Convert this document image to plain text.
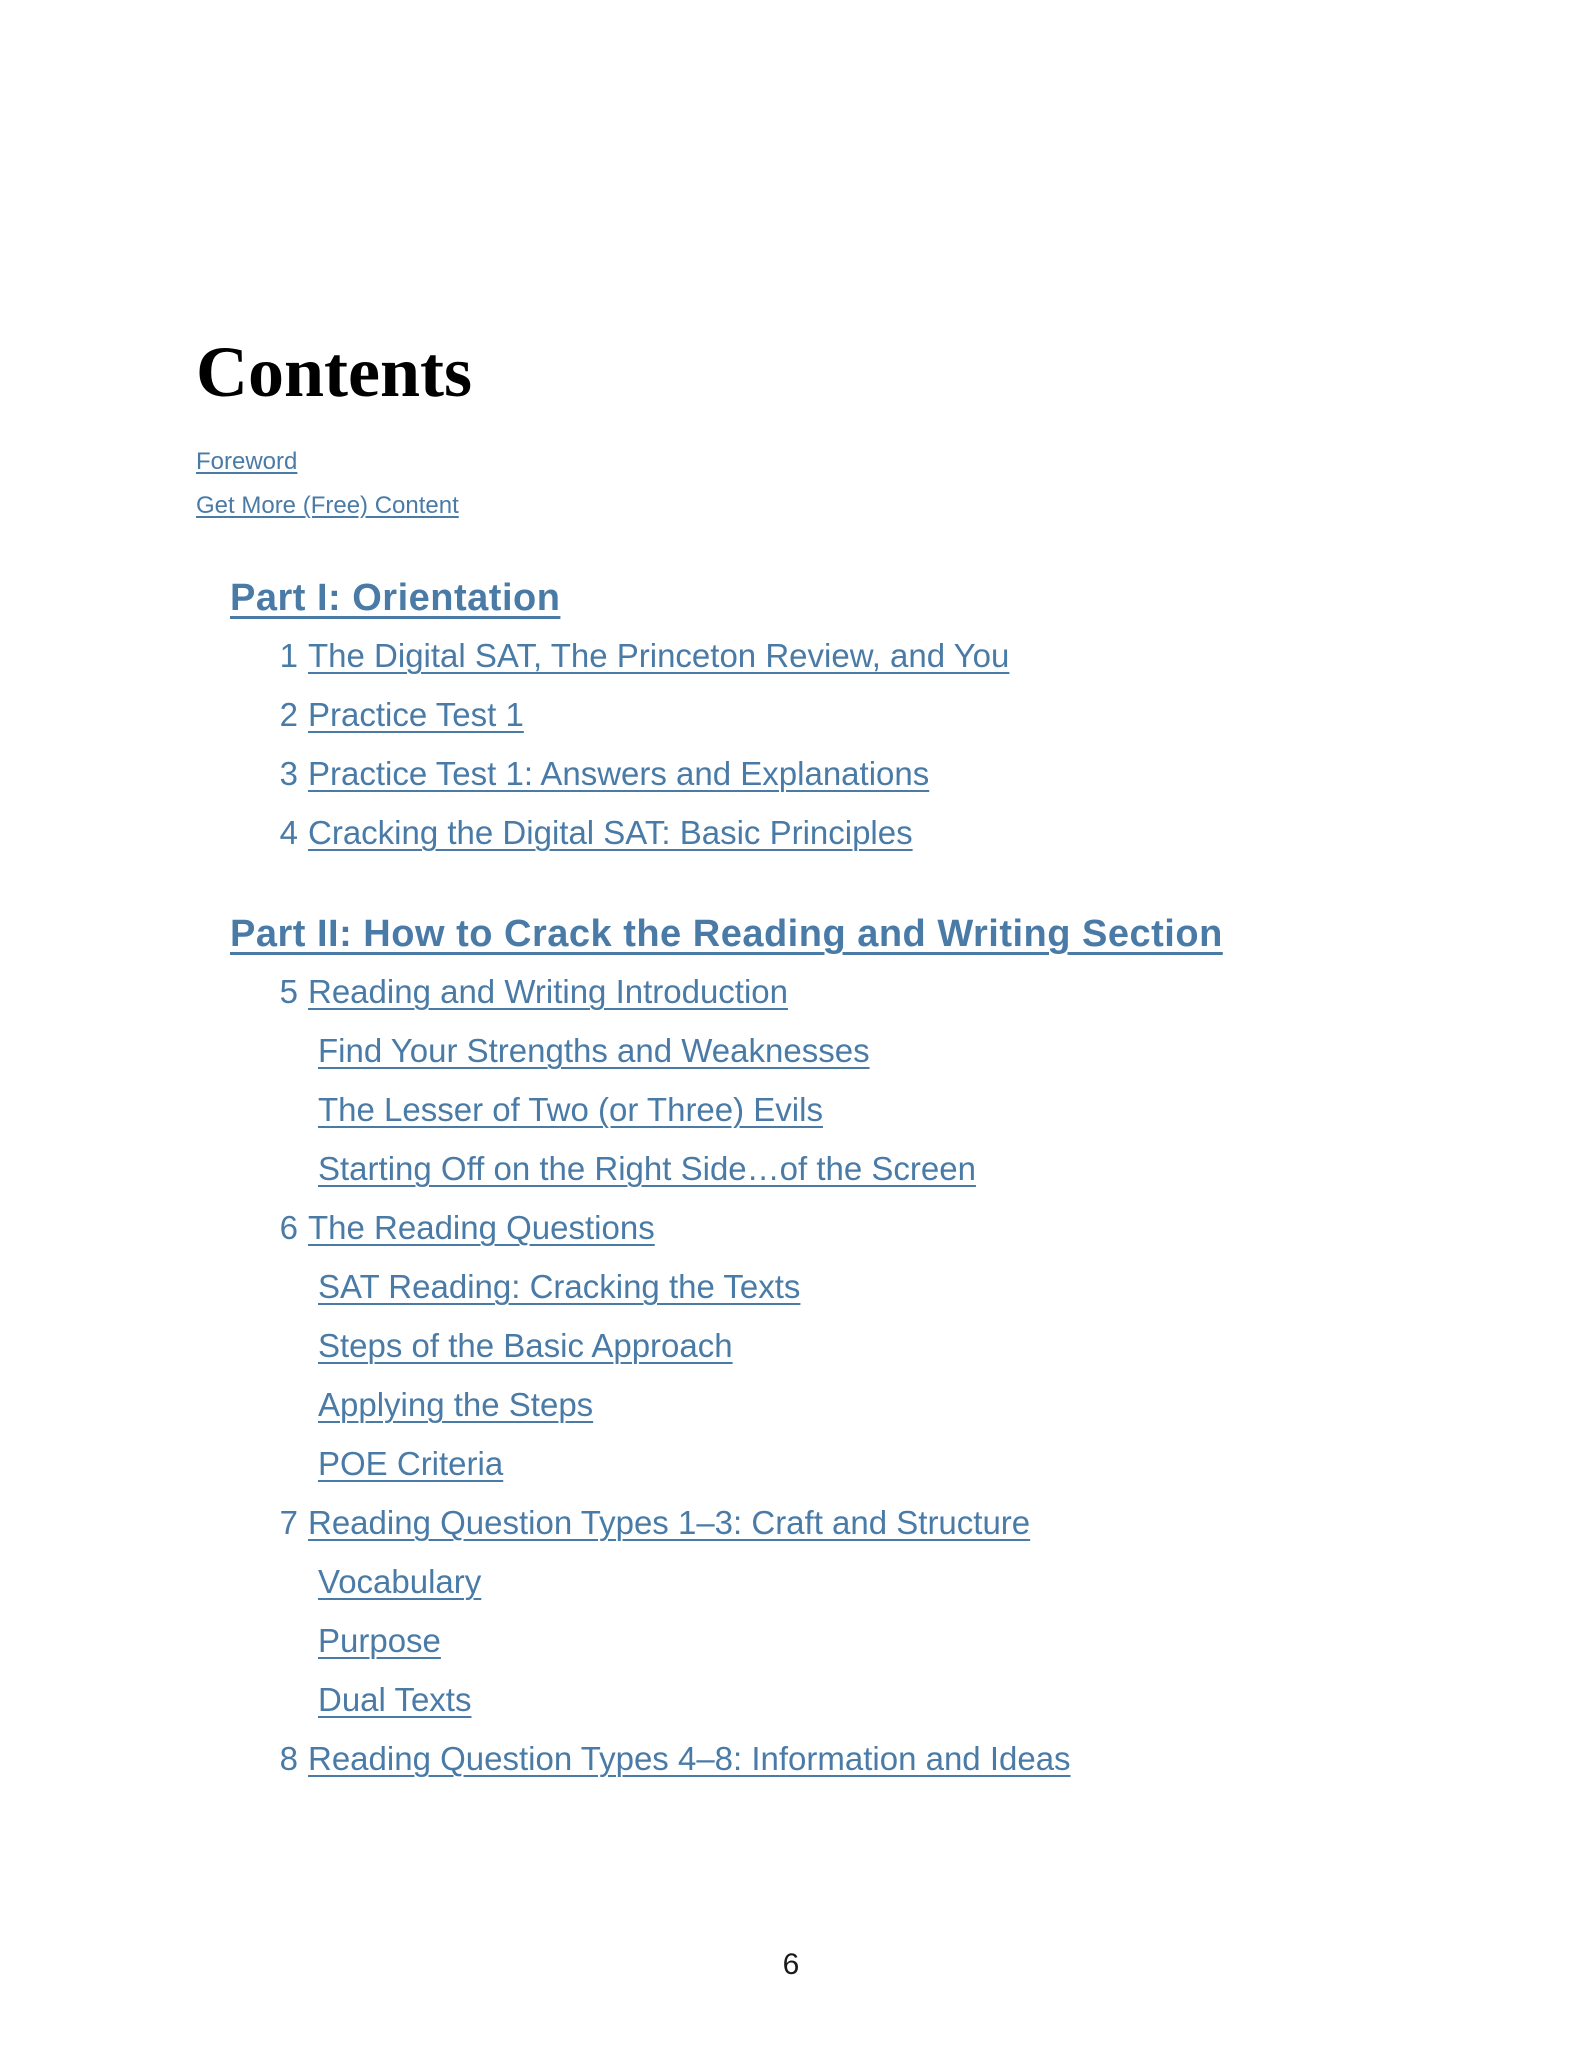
Contents
Foreword
Get More (Free) Content
Part I: Orientation
1 The Digital SAT, The Princeton Review, and You
2 Practice Test 1
3 Practice Test 1: Answers and Explanations
4 Cracking the Digital SAT: Basic Principles
Part II: How to Crack the Reading and Writing Section
5 Reading and Writing Introduction
Find Your Strengths and Weaknesses
The Lesser of Two (or Three) Evils
Starting Off on the Right Side…of the Screen
6 The Reading Questions
SAT Reading: Cracking the Texts
Steps of the Basic Approach
Applying the Steps
POE Criteria
7 Reading Question Types 1–3: Craft and Structure
Vocabulary
Purpose
Dual Texts
8 Reading Question Types 4–8: Information and Ideas
6
